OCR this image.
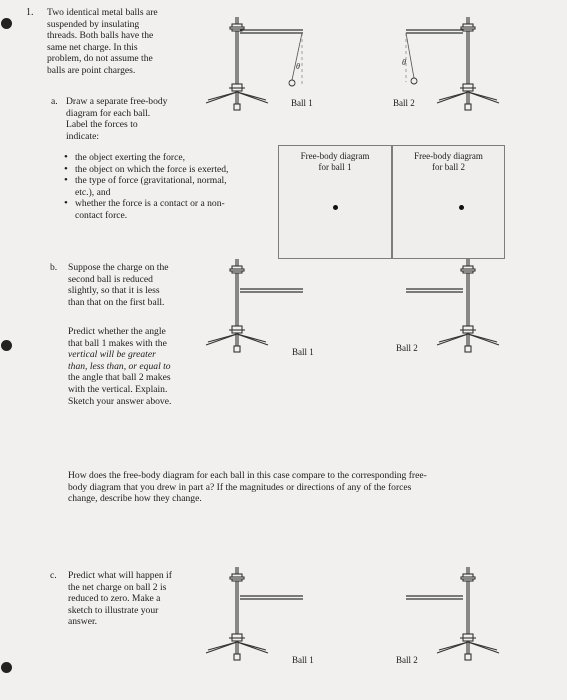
1. Two identical metal balls are
suspended by insulating
threads. Both balls have the
same net charge. In this
problem, do not assume the
balls are point charges.
a. Draw a separate free-body
diagram for each ball.
Label the forces to
indicate:
• the object exerting the force,
• the object on which the force is exerted,
• the type of force (gravitational, normal,
etc.), and
• whether the force is a contact or a non-
contact force.
Free-body diagram
for ball 1
Free-body diagram
for ball 2
b. Suppose the charge on the
second ball is reduced
slightly, so that it is less
than that on the first ball.
Predict whether the angle
that ball 1 makes with the
vertical will be greater
than, less than, or equal to
the angle that ball 2 makes
with the vertical. Explain.
Sketch your answer above.
How does the free-body diagram for each ball in this case compare to the corresponding free-
body diagram that you drew in part a? If the magnitudes or directions of any of the forces
change, describe how they change.
c. Predict what will happen if
the net charge on ball 2 is
reduced to zero. Make a
sketch to illustrate your
answer.
Ball 1	Ball 2
Ball 1	Ball 2
Ball 1	Ball 2
θ	θ
